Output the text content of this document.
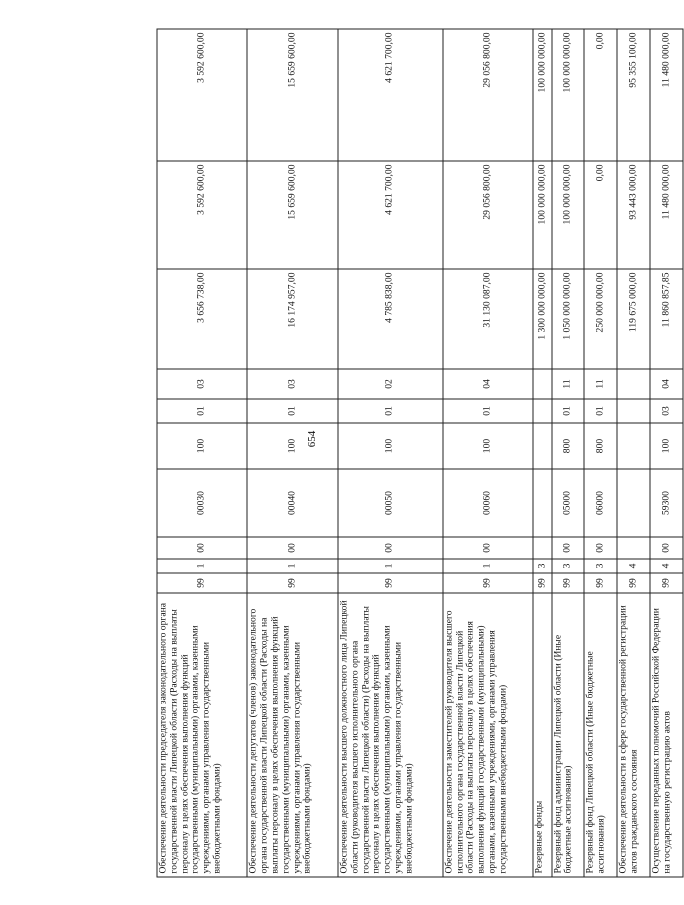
654
Обеспечение деятельности председателя законодательного органа государственной власти Липецкой области (Расходы на выплаты персоналу в целях обеспечения выполнения функций государственными (муниципальными) органами, казенными учреждениями, органами управления государственными внебюджетными фондами)	99	1	00	00030	100	01	03	3 656 738,00	3 592 600,00	3 592 600,00
Обеспечение деятельности депутатов (членов) законодательного органа государственной власти Липецкой области (Расходы на выплаты персоналу в целях обеспечения выполнения функций государственными (муниципальными) органами, казенными учреждениями, органами управления государственными внебюджетными фондами)	99	1	00	00040	100	01	03	16 174 957,00	15 659 600,00	15 659 600,00
Обеспечение деятельности высшего должностного лица Липецкой области (руководителя высшего исполнительного органа государственной власти Липецкой области) (Расходы на выплаты персоналу в целях обеспечения выполнения функций государственными (муниципальными) органами, казенными учреждениями, органами управления государственными внебюджетными фондами)	99	1	00	00050	100	01	02	4 785 838,00	4 621 700,00	4 621 700,00
Обеспечение деятельности заместителей руководителя высшего исполнительного органа государственной власти Липецкой области (Расходы на выплаты персоналу в целях обеспечения выполнения функций государственными (муниципальными) органами, казенными учреждениями, органами управления государственными внебюджетными фондами)	99	1	00	00060	100	01	04	31 130 087,00	29 056 800,00	29 056 800,00
Резервные фонды	99	3						1 300 000 000,00	100 000 000,00	100 000 000,00
Резервный фонд администрации Липецкой области (Иные бюджетные ассигнования)	99	3	00	05000	800	01	11	1 050 000 000,00	100 000 000,00	100 000 000,00
Резервный фонд Липецкой области (Иные бюджетные ассигнования)	99	3	00	06000	800	01	11	250 000 000,00	0,00	0,00
Обеспечение деятельности в сфере государственной регистрации актов гражданского состояния	99	4						119 675 000,00	93 443 000,00	95 355 100,00
Осуществление переданных полномочий Российской Федерации на государственную регистрацию актов	99	4	00	59300	100	03	04	11 860 857,85	11 480 000,00	11 480 000,00
